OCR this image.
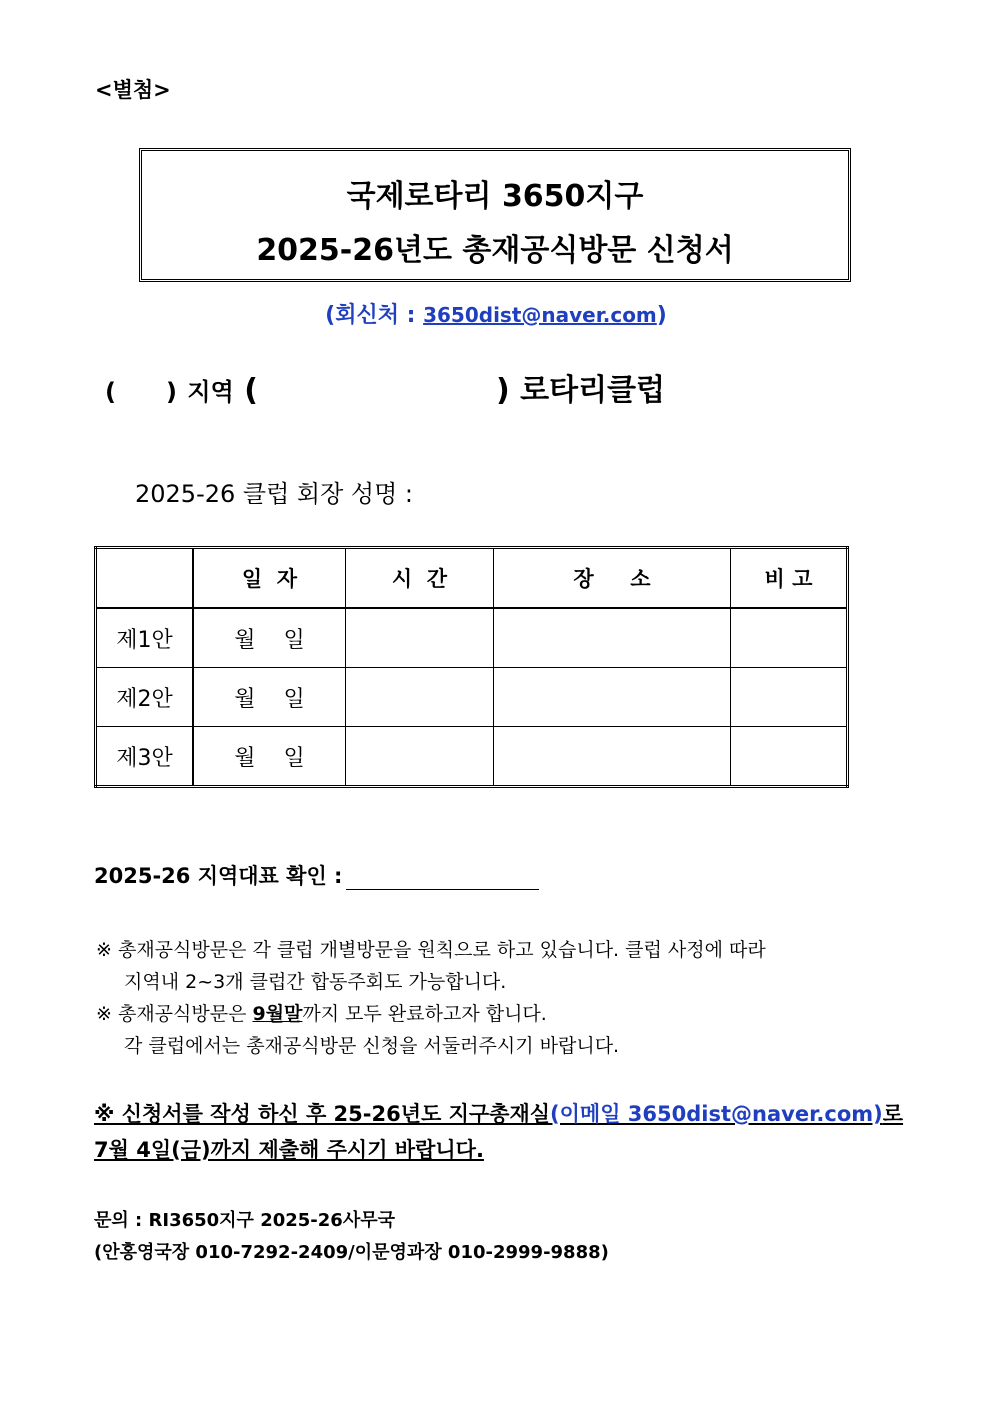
<별첨>
국제로타리 3650지구
2025-26년도 총재공식방문 신청서
(회신처 : 3650dist@naver.com)
( ) 지역 (	) 로타리클럽
2025-26 클럽 회장 성명 :
	일  자	시  간	장     소	비 고
제1안	월    일			
제2안	월    일			
제3안	월    일			
2025-26 지역대표 확인 :
※ 총재공식방문은 각 클럽 개별방문을 원칙으로 하고 있습니다. 클럽 사정에 따라
지역내 2~3개 클럽간 합동주회도 가능합니다.
※ 총재공식방문은 9월말까지 모두 완료하고자 합니다.
각 클럽에서는 총재공식방문 신청을 서둘러주시기 바랍니다.
※ 신청서를 작성 하신 후 25-26년도 지구총재실(이메일 3650dist@naver.com)로
7월 4일(금)까지 제출해 주시기 바랍니다.
문의 : RI3650지구 2025-26사무국
(안홍영국장 010-7292-2409/이문영과장 010-2999-9888)
